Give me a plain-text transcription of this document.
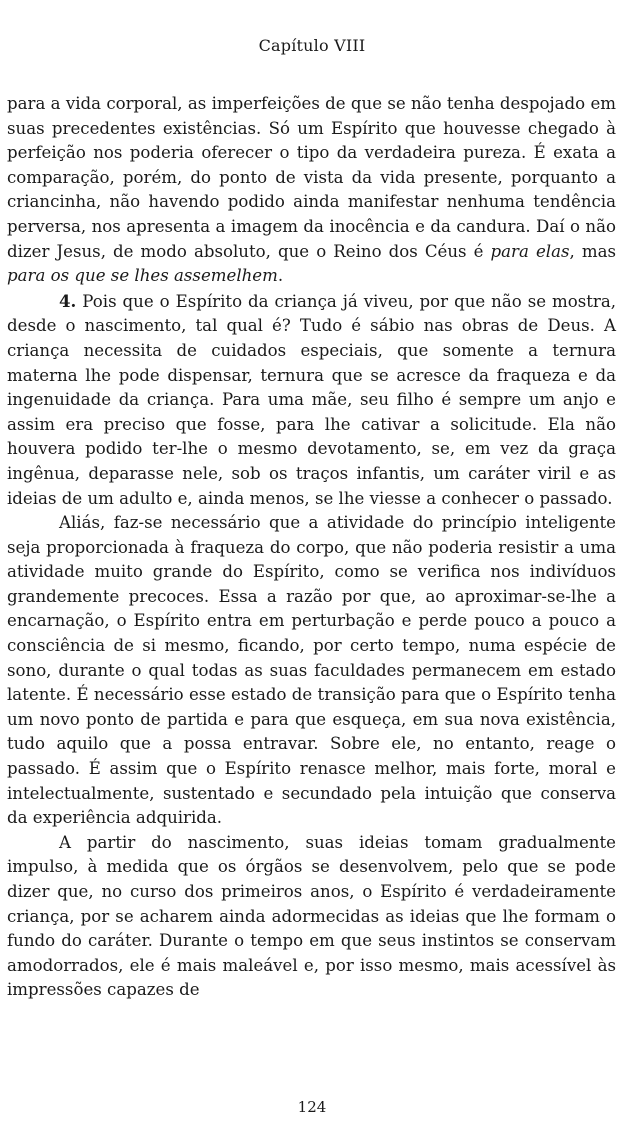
Capítulo VIII

para a vida corporal, as imperfeições de que se não tenha despojado em suas precedentes existências. Só um Espírito que houvesse chegado à perfeição nos poderia oferecer o tipo da verdadeira pureza. É exata a comparação, porém, do ponto de vista da vida presente, porquanto a criancinha, não havendo podido ainda manifestar nenhuma tendência perversa, nos apresenta a imagem da inocência e da candura. Daí o não dizer Jesus, de modo absoluto, que o Reino dos Céus é para elas, mas para os que se lhes assemelhem.

4. Pois que o Espírito da criança já viveu, por que não se mostra, desde o nascimento, tal qual é? Tudo é sábio nas obras de Deus. A criança necessita de cuidados especiais, que somente a ternura materna lhe pode dispensar, ternura que se acresce da fraqueza e da ingenuidade da criança. Para uma mãe, seu filho é sempre um anjo e assim era preciso que fosse, para lhe cativar a solicitude. Ela não houvera podido ter-lhe o mesmo devotamento, se, em vez da graça ingênua, deparasse nele, sob os traços infantis, um caráter viril e as ideias de um adulto e, ainda menos, se lhe viesse a conhecer o passado.

Aliás, faz-se necessário que a atividade do princípio inteligente seja proporcionada à fraqueza do corpo, que não poderia resistir a uma atividade muito grande do Espírito, como se verifica nos indivíduos grandemente precoces. Essa a razão por que, ao aproximar-se-lhe a encarnação, o Espírito entra em perturbação e perde pouco a pouco a consciência de si mesmo, ficando, por certo tempo, numa espécie de sono, durante o qual todas as suas faculdades permanecem em estado latente. É necessário esse estado de transição para que o Espírito tenha um novo ponto de partida e para que esqueça, em sua nova existência, tudo aquilo que a possa entravar. Sobre ele, no entanto, reage o passado. É assim que o Espírito renasce melhor, mais forte, moral e intelectualmente, sustentado e secundado pela intuição que conserva da experiência adquirida.

A partir do nascimento, suas ideias tomam gradualmente impulso, à medida que os órgãos se desenvolvem, pelo que se pode dizer que, no curso dos primeiros anos, o Espírito é verdadeiramente criança, por se acharem ainda adormecidas as ideias que lhe formam o fundo do caráter. Durante o tempo em que seus instintos se conservam amodorrados, ele é mais maleável e, por isso mesmo, mais acessível às impressões capazes de

124
